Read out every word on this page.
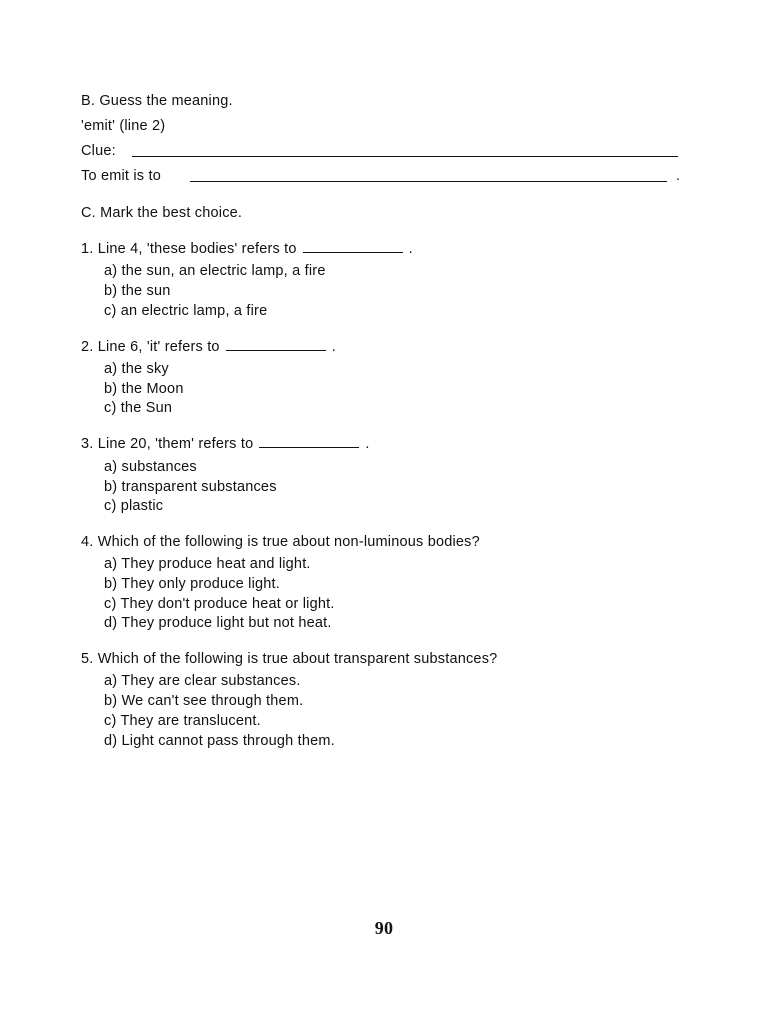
B. Guess the meaning.
'emit' (line 2)
Clue:
To emit is to	.
C. Mark the best choice.
1. Line 4, 'these bodies' refers to	.
a) the sun, an electric lamp, a fire
b) the sun
c) an electric lamp, a fire
2. Line 6, 'it' refers to	.
a) the sky
b) the Moon
c) the Sun
3. Line 20, 'them' refers to	.
a) substances
b) transparent substances
c) plastic
4. Which of the following is true about non-luminous bodies?
a) They produce heat and light.
b) They only produce light.
c) They don't produce heat or light.
d) They produce light but not heat.
5. Which of the following is true about transparent substances?
a) They are clear substances.
b) We can't see through them.
c) They are translucent.
d) Light cannot pass through them.
90
